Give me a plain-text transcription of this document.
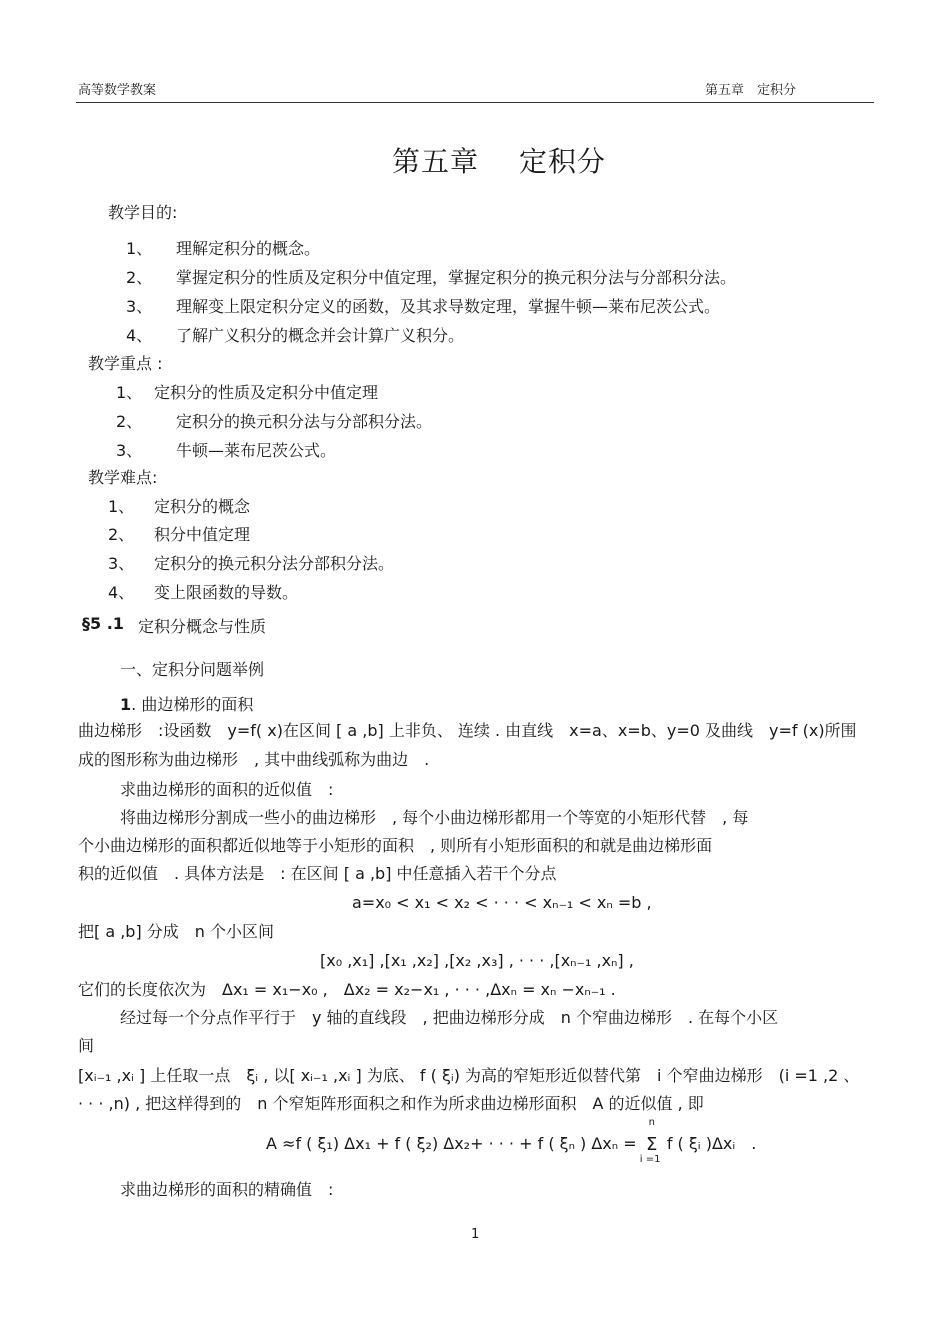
高等数学教案	第五章　定积分
第五章 定积分
教学目的:
1、 理解定积分的概念。
2、 掌握定积分的性质及定积分中值定理，掌握定积分的换元积分法与分部积分法。
3、 理解变上限定积分定义的函数，及其求导数定理，掌握牛顿—莱布尼茨公式。
4、 了解广义积分的概念并会计算广义积分。
教学重点 :
1、 定积分的性质及定积分中值定理
2、 定积分的换元积分法与分部积分法。
3、 牛顿—莱布尼茨公式。
教学难点:
1、 定积分的概念
2、 积分中值定理
3、 定积分的换元积分法分部积分法。
4、 变上限函数的导数。
§5 .1 定积分概念与性质
一、定积分问题举例
1. 曲边梯形的面积
曲边梯形　:设函数　y=f( x)在区间 [ a ,b] 上非负、 连续 . 由直线　x=a、x=b、y=0 及曲线　y=f (x)所围
成的图形称为曲边梯形　, 其中曲线弧称为曲边　.
求曲边梯形的面积的近似值　:
将曲边梯形分割成一些小的曲边梯形　, 每个小曲边梯形都用一个等宽的小矩形代替　, 每
个小曲边梯形的面积都近似地等于小矩形的面积　, 则所有小矩形面积的和就是曲边梯形面
积的近似值　. 具体方法是　: 在区间 [ a ,b] 中任意插入若干个分点
a=x₀ < x₁ < x₂ < · · · < xₙ₋₁ < xₙ =b ,
把[ a ,b] 分成　n 个小区间
[x₀ ,x₁] ,[x₁ ,x₂] ,[x₂ ,x₃] , · · · ,[xₙ₋₁ ,xₙ] ,
它们的长度依次为　Δx₁ = x₁−x₀ ,　Δx₂ = x₂−x₁ , · · · ,Δxₙ = xₙ −xₙ₋₁ .
经过每一个分点作平行于　y 轴的直线段　, 把曲边梯形分成　n 个窄曲边梯形　. 在每个小区
间
[xᵢ₋₁ ,xᵢ ] 上任取一点　ξᵢ , 以[ xᵢ₋₁ ,xᵢ ] 为底、 f ( ξᵢ) 为高的窄矩形近似替代第　i 个窄曲边梯形　(i =1 ,2 、
· · · ,n) , 把这样得到的　n 个窄矩阵形面积之和作为所求曲边梯形面积　A 的近似值 , 即
A ≈f ( ξ₁) Δx₁ + f ( ξ₂) Δx₂+ · · · + f ( ξₙ ) Δxₙ =
n
Σ
i =1
f ( ξᵢ )Δxᵢ　.
求曲边梯形的面积的精确值　:
1
